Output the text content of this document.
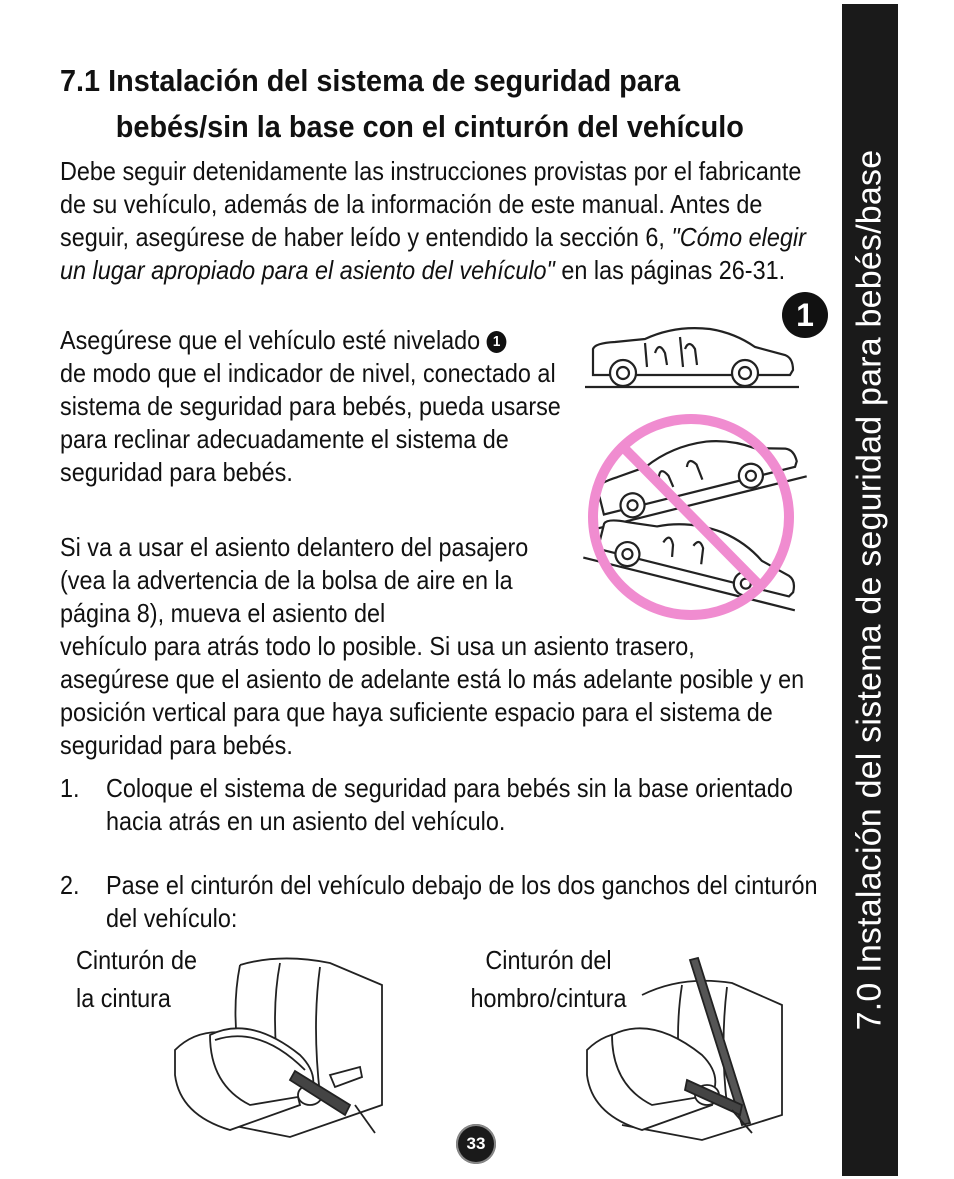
7.0 Instalación del sistema de seguridad para bebés/base
7.1 Instalación del sistema de seguridad para
bebés/sin la base con el cinturón del vehículo

Debe seguir detenidamente las instrucciones provistas por el fabricante de su vehículo, además de la información de este manual. Antes de seguir, asegúrese de haber leído y entendido la sección 6, "Cómo elegir un lugar apropiado para el asiento del vehículo" en las páginas 26-31.

Asegúrese que el vehículo esté nivelado 1
de modo que el indicador de nivel, conectado al sistema de seguridad para bebés, pueda usarse para reclinar adecuadamente el sistema de seguridad para bebés.

Si va a usar el asiento delantero del pasajero (vea la advertencia de la bolsa de aire en la página 8), mueva el asiento del

vehículo para atrás todo lo posible. Si usa un asiento trasero, asegúrese que el asiento de adelante está lo más adelante posible y en posición vertical para que haya suficiente espacio para el sistema de seguridad para bebés.

1. Coloque el sistema de seguridad para bebés sin la base orientado hacia atrás en un asiento del vehículo.

2. Pase el cinturón del vehículo debajo de los dos ganchos del cinturón del vehículo:

Cinturón de
la cintura
Cinturón del
hombro/cintura
1
33
